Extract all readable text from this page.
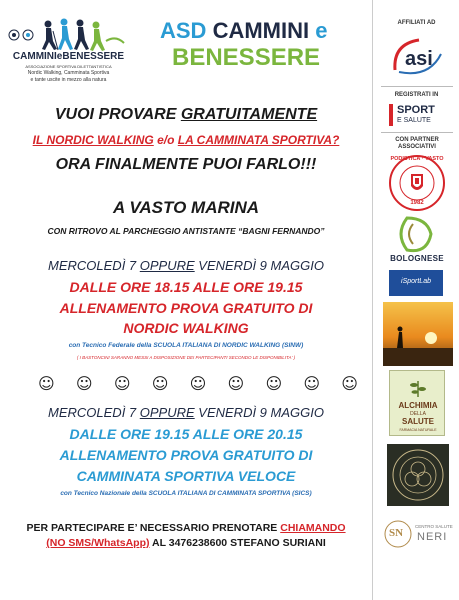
CAMMINIeBENESSERE
ASSOCIAZIONE SPORTIVA DILETTANTISTICA
Nordic Walking, Camminata Sportiva
e tante uscite in mezzo alla natura
ASD CAMMINI e
BENESSERE
VUOI PROVARE GRATUITAMENTE
IL NORDIC WALKING e/o LA CAMMINATA SPORTIVA?
ORA FINALMENTE PUOI FARLO!!!
A VASTO MARINA
CON RITROVO AL PARCHEGGIO ANTISTANTE “BAGNI FERNANDO”
MERCOLEDÌ 7 OPPURE VENERDÌ 9 MAGGIO
DALLE ORE 18.15 ALLE ORE 19.15
ALLENAMENTO PROVA GRATUITO DI
NORDIC WALKING
con Tecnico Federale della SCUOLA ITALIANA DI NORDIC WALKING (SINW)
( I BASTONCINI SARANNO MESSI A DISPOSIZIONE DEI PARTECIPANTI SECONDO LE DISPONIBILITA' )
☺ ☺ ☺ ☺ ☺ ☺ ☺ ☺ ☺
MERCOLEDÌ 7 OPPURE VENERDÌ 9 MAGGIO
DALLE ORE 19.15 ALLE ORE 20.15
ALLENAMENTO PROVA GRATUITO DI
CAMMINATA SPORTIVA VELOCE
con Tecnico Nazionale della SCUOLA ITALIANA DI CAMMINATA SPORTIVA (SICS)
PER PARTECIPARE E’ NECESSARIO PRENOTARE CHIAMANDO
(NO SMS/WhatsApp) AL 3476238600 STEFANO SURIANI
AFFILIATI AD
asi
REGISTRATI IN
SPORT
E SALUTE
CON PARTNER ASSOCIATIVI
PODISTICA · VASTO
1982
BOLOGNESE
iSportLab
ALCHIMIA
DELLA
SALUTE
FARMACIA NATURALE
SN
CENTRO SALUTE
NERI
